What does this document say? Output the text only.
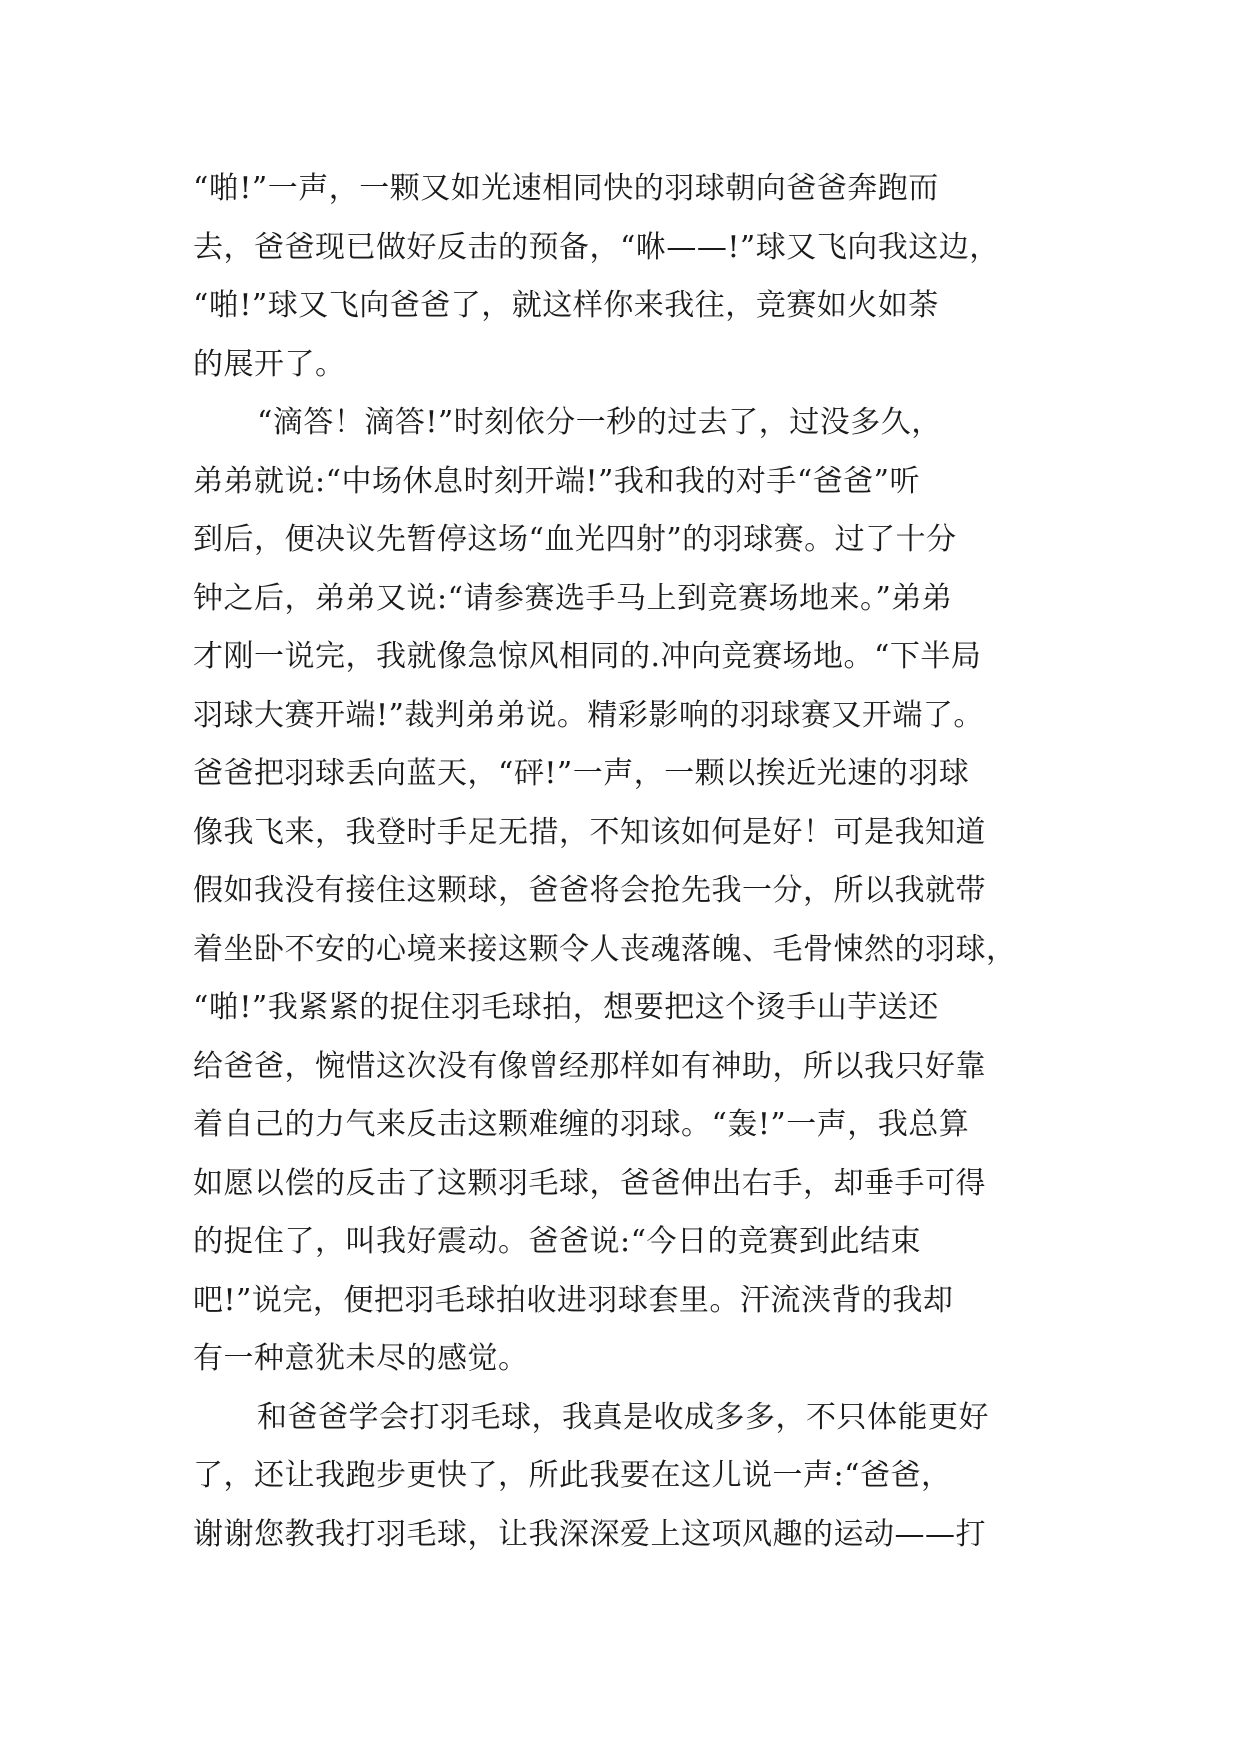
“啪!”一声，一颗又如光速相同快的羽球朝向爸爸奔跑而
去，爸爸现已做好反击的预备，“咻——!”球又飞向我这边，
“啪!”球又飞向爸爸了，就这样你来我往，竞赛如火如荼
的展开了。
“滴答！滴答!”时刻依分一秒的过去了，过没多久，
弟弟就说:“中场休息时刻开端!”我和我的对手“爸爸”听
到后，便决议先暂停这场“血光四射”的羽球赛。过了十分
钟之后，弟弟又说:“请参赛选手马上到竞赛场地来。”弟弟
才刚一说完，我就像急惊风相同的.冲向竞赛场地。“下半局
羽球大赛开端!”裁判弟弟说。精彩影响的羽球赛又开端了。
爸爸把羽球丢向蓝天，“砰!”一声，一颗以挨近光速的羽球
像我飞来，我登时手足无措，不知该如何是好！可是我知道
假如我没有接住这颗球，爸爸将会抢先我一分，所以我就带
着坐卧不安的心境来接这颗令人丧魂落魄、毛骨悚然的羽球，
“啪!”我紧紧的捉住羽毛球拍，想要把这个烫手山芋送还
给爸爸，惋惜这次没有像曾经那样如有神助，所以我只好靠
着自己的力气来反击这颗难缠的羽球。“轰!”一声，我总算
如愿以偿的反击了这颗羽毛球，爸爸伸出右手，却垂手可得
的捉住了，叫我好震动。爸爸说:“今日的竞赛到此结束
吧!”说完，便把羽毛球拍收进羽球套里。汗流浃背的我却
有一种意犹未尽的感觉。
和爸爸学会打羽毛球，我真是收成多多，不只体能更好
了，还让我跑步更快了，所此我要在这儿说一声:“爸爸，
谢谢您教我打羽毛球，让我深深爱上这项风趣的运动——打
